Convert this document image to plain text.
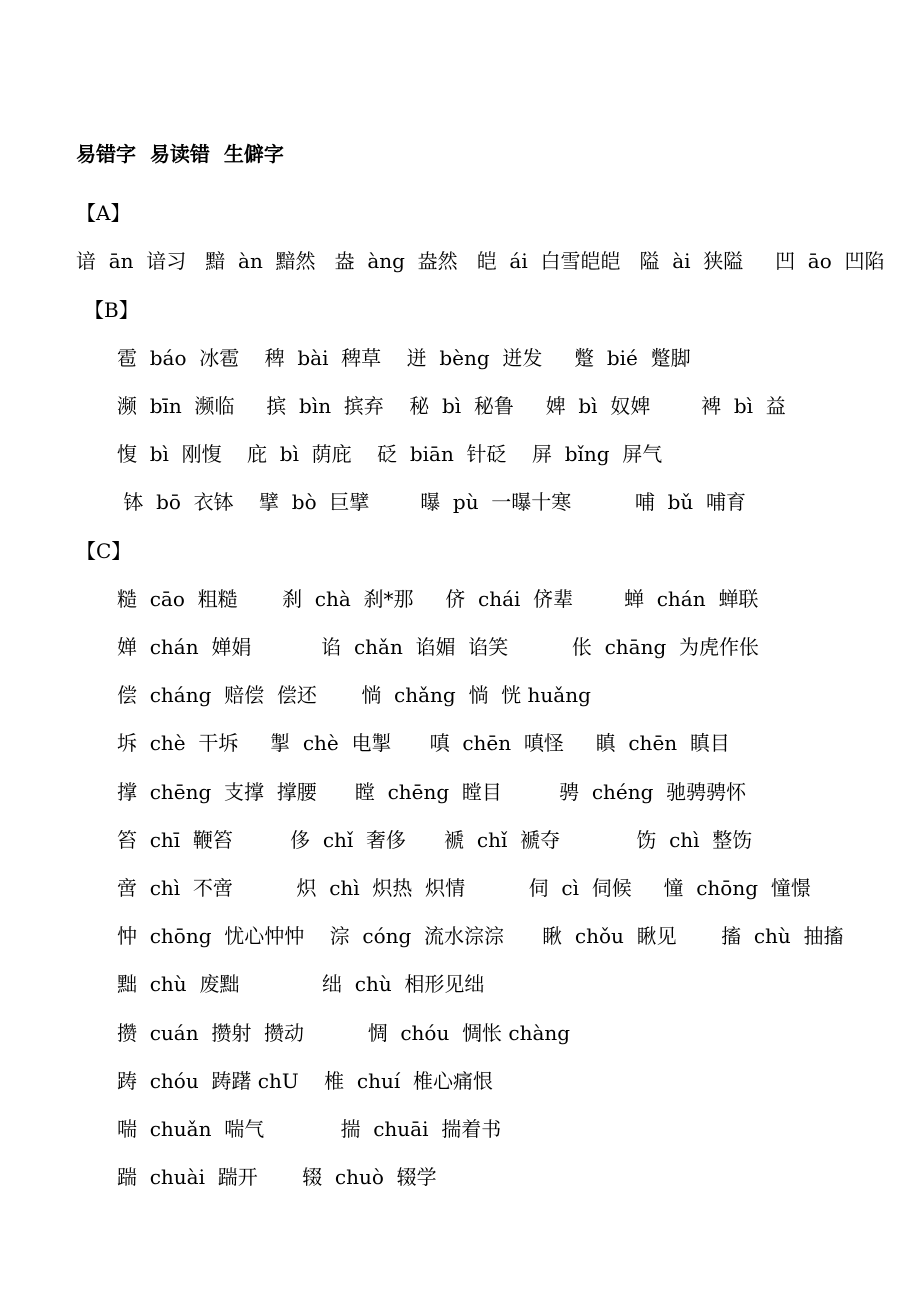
易错字  易读错  生僻字
【A】
谙  ān  谙习   黯  àn  黯然   盎  àng  盎然   皑  ái  白雪皑皑   隘  ài  狭隘     凹  āo  凹陷
【B】
雹  báo  冰雹    稗  bài  稗草    迸  bèng  迸发     蹩  bié  蹩脚
濒  bīn  濒临     摈  bìn  摈弃    秘  bì  秘鲁     婢  bì  奴婢        裨  bì  益
愎  bì  刚愎    庇  bì  荫庇    砭  biān  针砭    屏  bǐng  屏气
钵  bō  衣钵    擘  bò  巨擘        曝  pù  一曝十寒          哺  bǔ  哺育
【C】
糙  cāo  粗糙       刹  chà  刹*那     侪  chái  侪辈        蝉  chán  蝉联
婵  chán  婵娟           谄  chǎn  谄媚  谄笑          伥  chāng  为虎作伥
偿  cháng  赔偿  偿还       惝  chǎng  惝  恍 huǎng
坼  chè  干坼     掣  chè  电掣      嗔  chēn  嗔怪     瞋  chēn  瞋目
撑  chēng  支撑  撑腰      瞠  chēng  瞠目         骋  chéng  驰骋骋怀
笞  chī  鞭笞         侈  chǐ  奢侈      褫  chǐ  褫夺            饬  chì  整饬
啻  chì  不啻          炽  chì  炽热  炽情          伺  cì  伺候     憧  chōng  憧憬
忡  chōng  忧心忡忡    淙  cóng  流水淙淙      瞅  chǒu  瞅见       搐  chù  抽搐
黜  chù  废黜             绌  chù  相形见绌
攒  cuán  攒射  攒动          惆  chóu  惆怅 chàng
踌  chóu  踌躇 chU    椎  chuí  椎心痛恨
喘  chuǎn  喘气            揣  chuāi  揣着书
踹  chuài  踹开       辍  chuò  辍学
